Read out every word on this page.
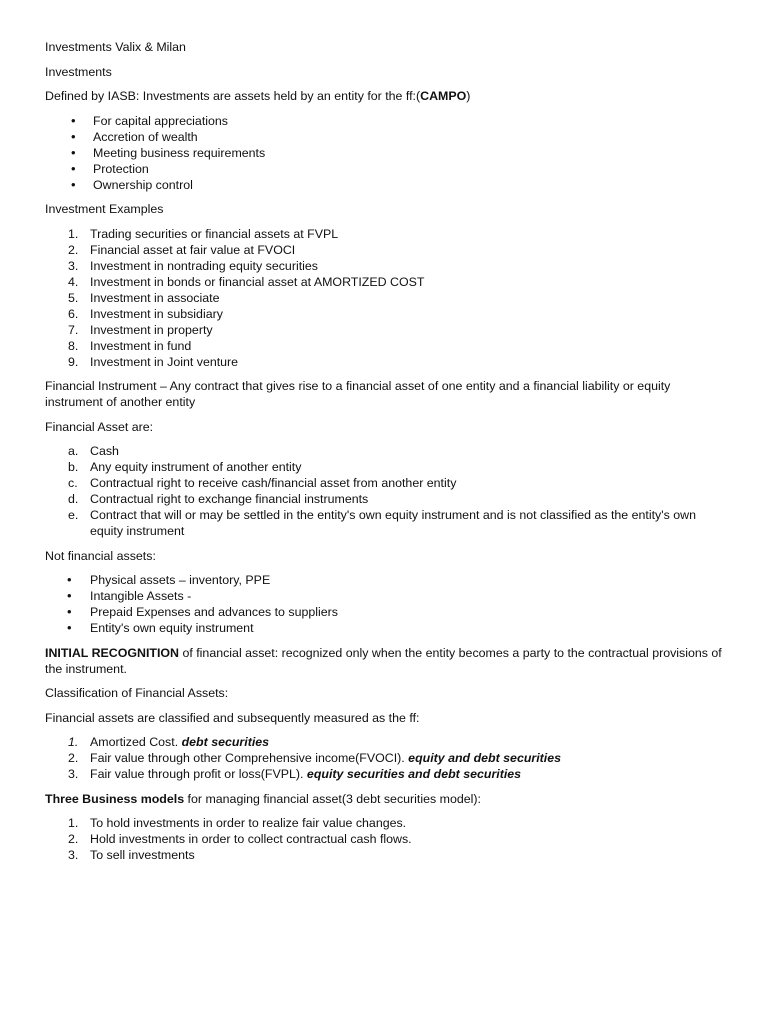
Investments Valix & Milan

Investments

Defined by IASB: Investments are assets held by an entity for the ff:(CAMPO)

• For capital appreciations
• Accretion of wealth
• Meeting business requirements
• Protection
• Ownership control

Investment Examples

1. Trading securities or financial assets at FVPL
2. Financial asset at fair value at FVOCI
3. Investment in nontrading equity securities
4. Investment in bonds or financial asset at AMORTIZED COST
5. Investment in associate
6. Investment in subsidiary
7. Investment in property
8. Investment in fund
9. Investment in Joint venture

Financial Instrument – Any contract that gives rise to a financial asset of one entity and a financial liability or equity instrument of another entity

Financial Asset are:

a. Cash
b. Any equity instrument of another entity
c. Contractual right to receive cash/financial asset from another entity
d. Contractual right to exchange financial instruments
e. Contract that will or may be settled in the entity's own equity instrument and is not classified as the entity's own equity instrument

Not financial assets:

• Physical assets – inventory, PPE
• Intangible Assets -
• Prepaid Expenses and advances to suppliers
• Entity's own equity instrument

INITIAL RECOGNITION of financial asset: recognized only when the entity becomes a party to the contractual provisions of the instrument.

Classification of Financial Assets:

Financial assets are classified and subsequently measured as the ff:

1. Amortized Cost. debt securities
2. Fair value through other Comprehensive income(FVOCI). equity and debt securities
3. Fair value through profit or loss(FVPL). equity securities and debt securities

Three Business models for managing financial asset(3 debt securities model):

1. To hold investments in order to realize fair value changes.
2. Hold investments in order to collect contractual cash flows.
3. To sell investments
